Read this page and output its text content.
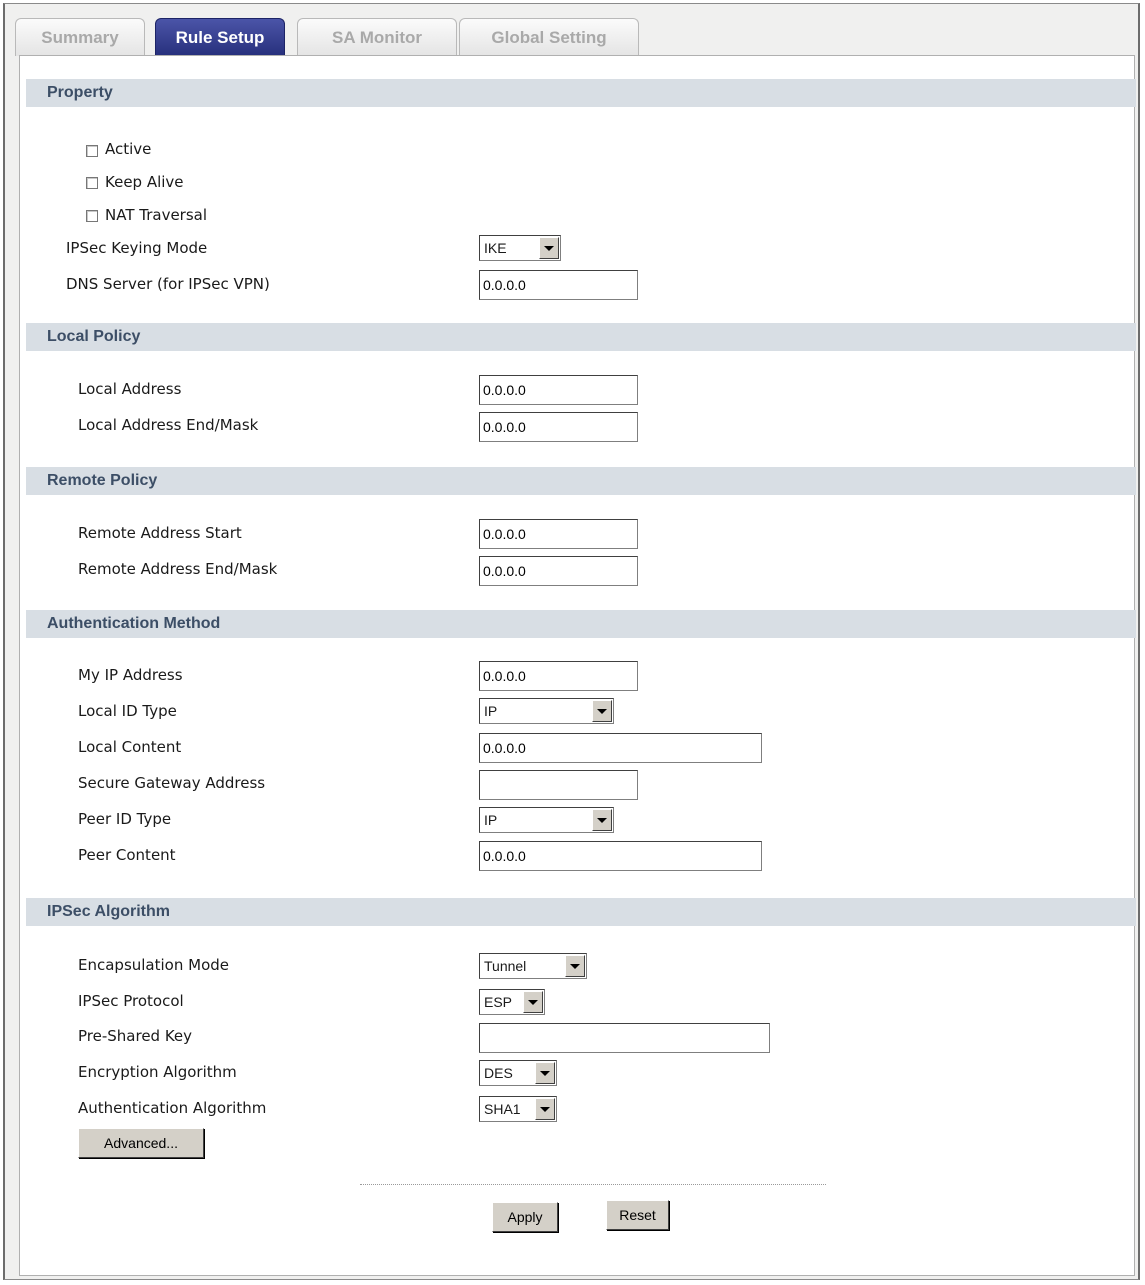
Summary	Rule Setup	SA Monitor	Global Setting
Property
Active
Keep Alive
NAT Traversal
IPSec Keying Mode	IKE
DNS Server (for IPSec VPN)	0.0.0.0
Local Policy
Local Address	0.0.0.0
Local Address End/Mask	0.0.0.0
Remote Policy
Remote Address Start	0.0.0.0
Remote Address End/Mask	0.0.0.0
Authentication Method
My IP Address	0.0.0.0
Local ID Type	IP
Local Content	0.0.0.0
Secure Gateway Address
Peer ID Type	IP
Peer Content	0.0.0.0
IPSec Algorithm
Encapsulation Mode	Tunnel
IPSec Protocol	ESP
Pre-Shared Key
Encryption Algorithm	DES
Authentication Algorithm	SHA1
Advanced...
Apply	Reset
